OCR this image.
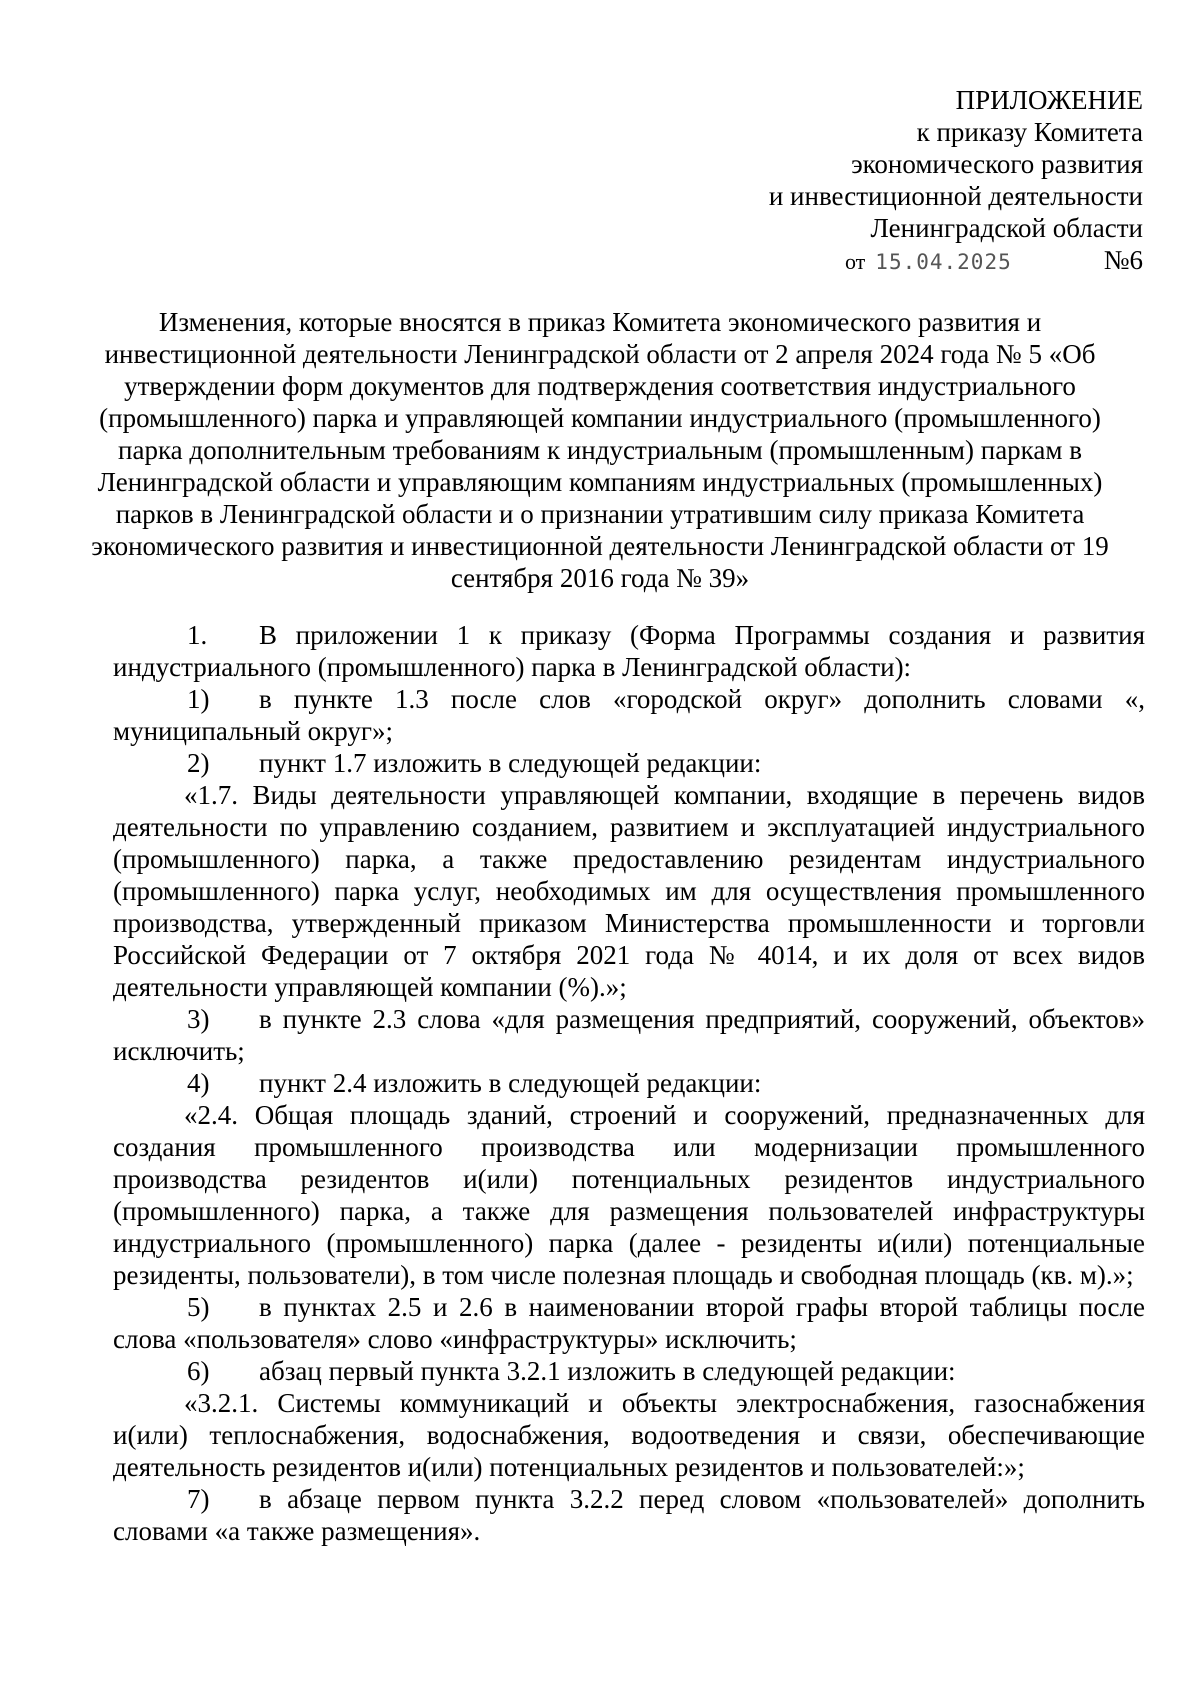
ПРИЛОЖЕНИЕ
к приказу Комитета
экономического развития
и инвестиционной деятельности
Ленинградской области
от 15.04.2025	№6
Изменения, которые вносятся в приказ Комитета экономического развития и инвестиционной деятельности Ленинградской области от 2 апреля 2024 года № 5 «Об утверждении форм документов для подтверждения соответствия индустриального (промышленного) парка и управляющей компании индустриального (промышленного) парка дополнительным требованиям к индустриальным (промышленным) паркам в Ленинградской области и управляющим компаниям индустриальных (промышленных) парков в Ленинградской области и о признании утратившим силу приказа Комитета экономического развития и инвестиционной деятельности Ленинградской области от 19 сентября 2016 года № 39»

1. В приложении 1 к приказу (Форма Программы создания и развития индустриального (промышленного) парка в Ленинградской области):

1) в пункте 1.3 после слов «городской округ» дополнить словами «, муниципальный округ»;

2) пункт 1.7 изложить в следующей редакции:

«1.7. Виды деятельности управляющей компании, входящие в перечень видов деятельности по управлению созданием, развитием и эксплуатацией индустриального (промышленного) парка, а также предоставлению резидентам индустриального (промышленного) парка услуг, необходимых им для осуществления промышленного производства, утвержденный приказом Министерства промышленности и торговли Российской Федерации от 7 октября 2021 года № 4014, и их доля от всех видов деятельности управляющей компании (%).»;

3) в пункте 2.3 слова «для размещения предприятий, сооружений, объектов» исключить;

4) пункт 2.4 изложить в следующей редакции:

«2.4. Общая площадь зданий, строений и сооружений, предназначенных для создания промышленного производства или модернизации промышленного производства резидентов и(или) потенциальных резидентов индустриального (промышленного) парка, а также для размещения пользователей инфраструктуры индустриального (промышленного) парка (далее - резиденты и(или) потенциальные резиденты, пользователи), в том числе полезная площадь и свободная площадь (кв. м).»;

5) в пунктах 2.5 и 2.6 в наименовании второй графы второй таблицы после слова «пользователя» слово «инфраструктуры» исключить;

6) абзац первый пункта 3.2.1 изложить в следующей редакции:

«3.2.1. Системы коммуникаций и объекты электроснабжения, газоснабжения и(или) теплоснабжения, водоснабжения, водоотведения и связи, обеспечивающие деятельность резидентов и(или) потенциальных резидентов и пользователей:»;

7) в абзаце первом пункта 3.2.2 перед словом «пользователей» дополнить словами «а также размещения».
